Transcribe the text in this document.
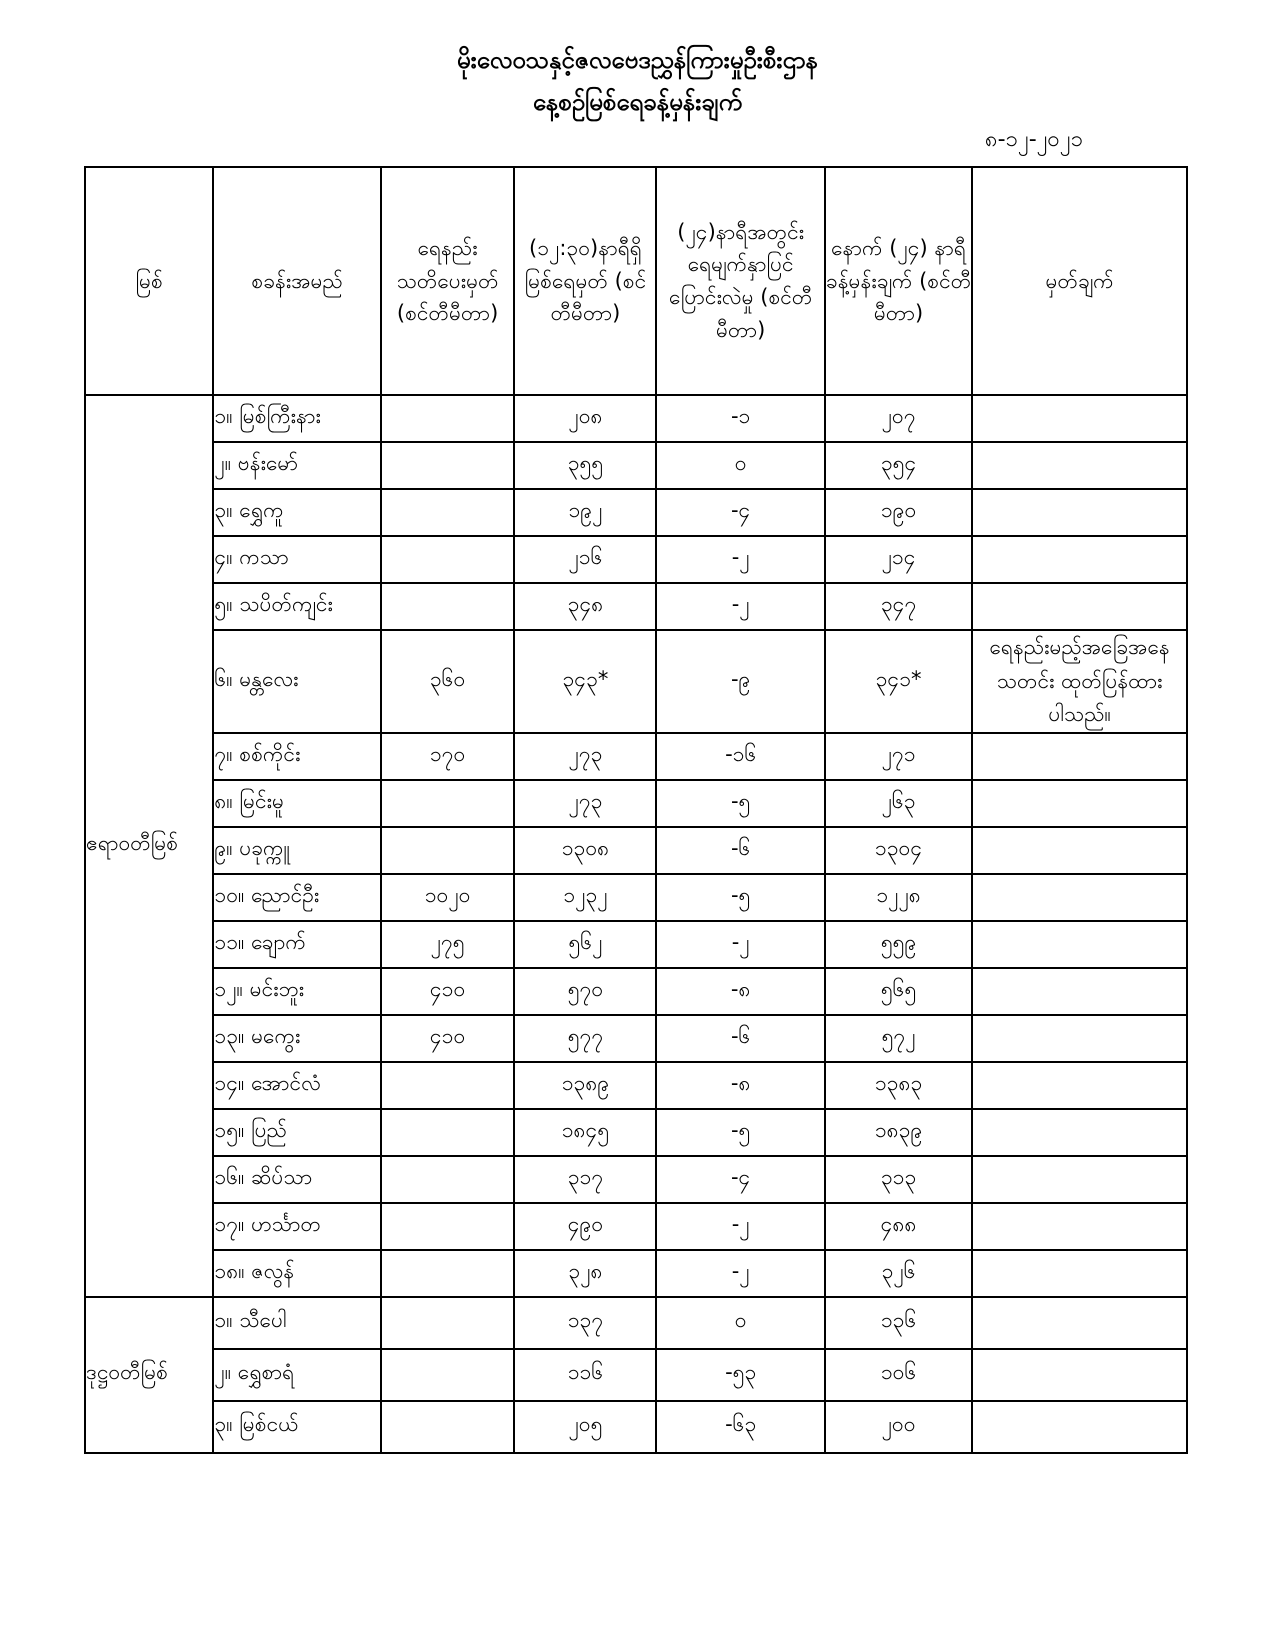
မိုးလေဝသနှင့်ဇလဗေဒညွှန်ကြားမှုဦးစီးဌာန
နေ့စဉ်မြစ်ရေခန့်မှန်းချက်
၈-၁၂-၂၀၂၁
မြစ်	စခန်းအမည်	ရေနည်း သတိပေးမှတ် (စင်တီမီတာ)	(၁၂:၃၀)နာရီရှိ မြစ်ရေမှတ် (စင်တီမီတာ)	(၂၄)နာရီအတွင်း ရေမျက်နှာပြင် ပြောင်းလဲမှု (စင်တီမီတာ)	နောက် (၂၄) နာရီ ခန့်မှန်းချက် (စင်တီမီတာ)	မှတ်ချက်
ဧရာဝတီမြစ်	၁။ မြစ်ကြီးနား		၂၀၈	-၁	၂၀၇	
	၂။ ဗန်းမော်		၃၅၅	၀	၃၅၄	
	၃။ ရွှေကူ		၁၉၂	-၄	၁၉၀	
	၄။ ကသာ		၂၁၆	-၂	၂၁၄	
	၅။ သပိတ်ကျင်း		၃၄၈	-၂	၃၄၇	
	၆။ မန္တလေး	၃၆၀	၃၄၃*	-၉	၃၄၁*	ရေနည်းမည့်အခြေအနေသတင်း ထုတ်ပြန်ထားပါသည်။
	၇။ စစ်ကိုင်း	၁၇၀	၂၇၃	-၁၆	၂၇၁	
	၈။ မြင်းမူ		၂၇၃	-၅	၂၆၃	
	၉။ ပခုက္ကူ		၁၃၀၈	-၆	၁၃၀၄	
	၁၀။ ညောင်ဦး	၁၀၂၀	၁၂၃၂	-၅	၁၂၂၈	
	၁၁။ ချောက်	၂၇၅	၅၆၂	-၂	၅၅၉	
	၁၂။ မင်းဘူး	၄၁၀	၅၇၀	-၈	၅၆၅	
	၁၃။ မကွေး	၄၁၀	၅၇၇	-၆	၅၇၂	
	၁၄။ အောင်လံ		၁၃၈၉	-၈	၁၃၈၃	
	၁၅။ ပြည်		၁၈၄၅	-၅	၁၈၃၉	
	၁၆။ ဆိပ်သာ		၃၁၇	-၄	၃၁၃	
	၁၇။ ဟင်္သာတ		၄၉၀	-၂	၄၈၈	
	၁၈။ ဇလွန်		၃၂၈	-၂	၃၂၆	
ဒုဋ္ဌဝတီမြစ်	၁။ သီပေါ		၁၃၇	၀	၁၃၆	
	၂။ ရွှေစာရံ		၁၁၆	-၅၃	၁၀၆	
	၃။ မြစ်ငယ်		၂၀၅	-၆၃	၂၀၀	
